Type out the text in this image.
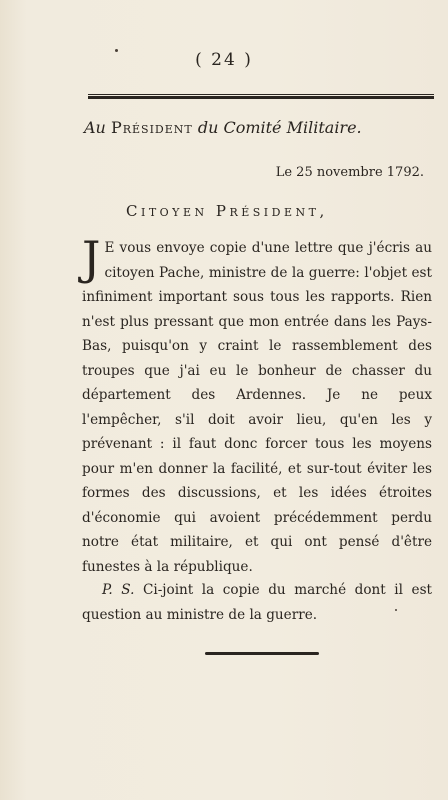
( 24 )
Au Président du Comité Militaire.
Le 25 novembre 1792.
Citoyen Président,
J E vous envoye copie d'une lettre que j'écris au citoyen Pache, ministre de la guerre: l'objet est infiniment important sous tous les rapports. Rien n'est plus pressant que mon entrée dans les Pays-Bas, puisqu'on y craint le rassemblement des troupes que j'ai eu le bonheur de chasser du département des Ardennes. Je ne peux l'empêcher, s'il doit avoir lieu, qu'en les y prévenant : il faut donc forcer tous les moyens pour m'en donner la facilité, et sur-tout éviter les formes des discussions, et les idées étroites d'économie qui avoient précédemment perdu notre état militaire, et qui ont pensé d'être funestes à la république.
P. S. Ci-joint la copie du marché dont il est question au ministre de la guerre.
